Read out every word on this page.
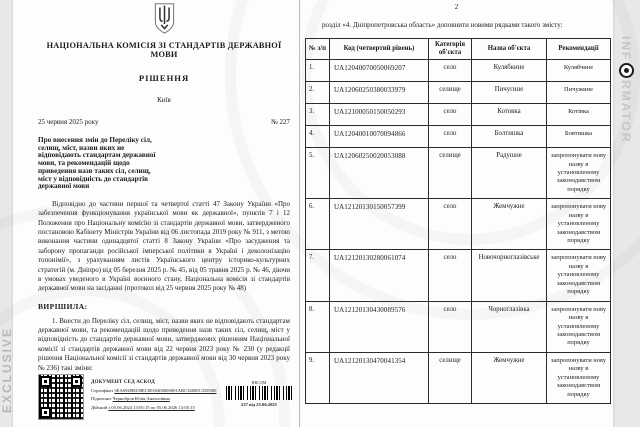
EXCLUSIVE
INF
RMATOR
НАЦІОНАЛЬНА КОМІСІЯ ЗІ СТАНДАРТІВ ДЕРЖАВНОЇ МОВИ
РІШЕННЯ
Київ
25 червня 2025 року	№ 227
Про внесення змін до Переліку сіл, селищ, міст, назви яких не відповідають стандартам державної мови, та рекомендацій щодо приведення назв таких сіл, селищ, міст у відповідність до стандартів державної мови
Відповідно до частини першої та четвертої статті 47 Закону України «Про забезпечення функціонування української мови як державної», пунктів 7 і 12 Положення про Національну комісію зі стандартів державної мови, затвердженого постановою Кабінету Міністрів України від 06 листопада 2019 року № 911, з метою виконання частини одинадцятої статті 8 Закону України «Про засудження та заборону пропаганди російської імперської політики в Україні і деколонізацію топонімії», з урахуванням листів Українського центру історико-культурних стратегій (м. Дніпро) від 05 березня 2025 р. № 45, від 05 травня 2025 р. № 46, діючи в умовах уведеного в Україні воєнного стану, Національна комісія зі стандартів державної мови на засіданні (протокол від 25 червня 2025 року № 48)
ВИРІШИЛА:
1. Внести до Переліку сіл, селищ, міст, назви яких не відповідають стандартам державної мови, та рекомендацій щодо приведення назв таких сіл, селищ, міст у відповідність до стандартів державної мови, затверджених рішенням Національної комісії зі стандартів державної мови від 22 червня 2023 року № 230 (у редакції рішення Національної комісії зі стандартів державної мови від 30 червня 2023 року № 236) такі зміни:
ДОКУМЕНТ СЕД АСКОД
Сертифікат 3EA6928B358EC0030400000001ABC34000C35D500
Підписант Чернобров Юлія Анатоліївна
Дійсний з 05.06.2024 13:05:15 по 05.06.2026 13:05:15
НКСДМ
227 від 25.06.2025
2
розділ «4. Дніпропетровська область» доповнити новими рядками такого змісту:
№ з/п	Код (четвертий рівень)	Категорія об'єкта	Назва об'єкта	Рекомендації
1.	UA12040070050069207	село	Кулябкине	Кулябчине
2.	UA12060250380033979	селище	Пичугине	Пичужине
3.	UA12100050150050293	село	Котовка	Котівка
4.	UA12040010070094866	село	Болтишка	Бовтишка
5.	UA12060250020053088	селище	Радушне	запропонувати нову назву в установленому законодавством порядку
6.	UA12120130150057399	село	Жемчужне	запропонувати нову назву в установленому законодавством порядку
7.	UA12120130280061074	село	Новочорноглазівське	запропонувати нову назву в установленому законодавством порядку
8.	UA12120130430089576	село	Чорноглазівка	запропонувати нову назву в установленому законодавством порядку
9.	UA12120130470041354	селище	Жемчужне	запропонувати нову назву в установленому законодавством порядку
